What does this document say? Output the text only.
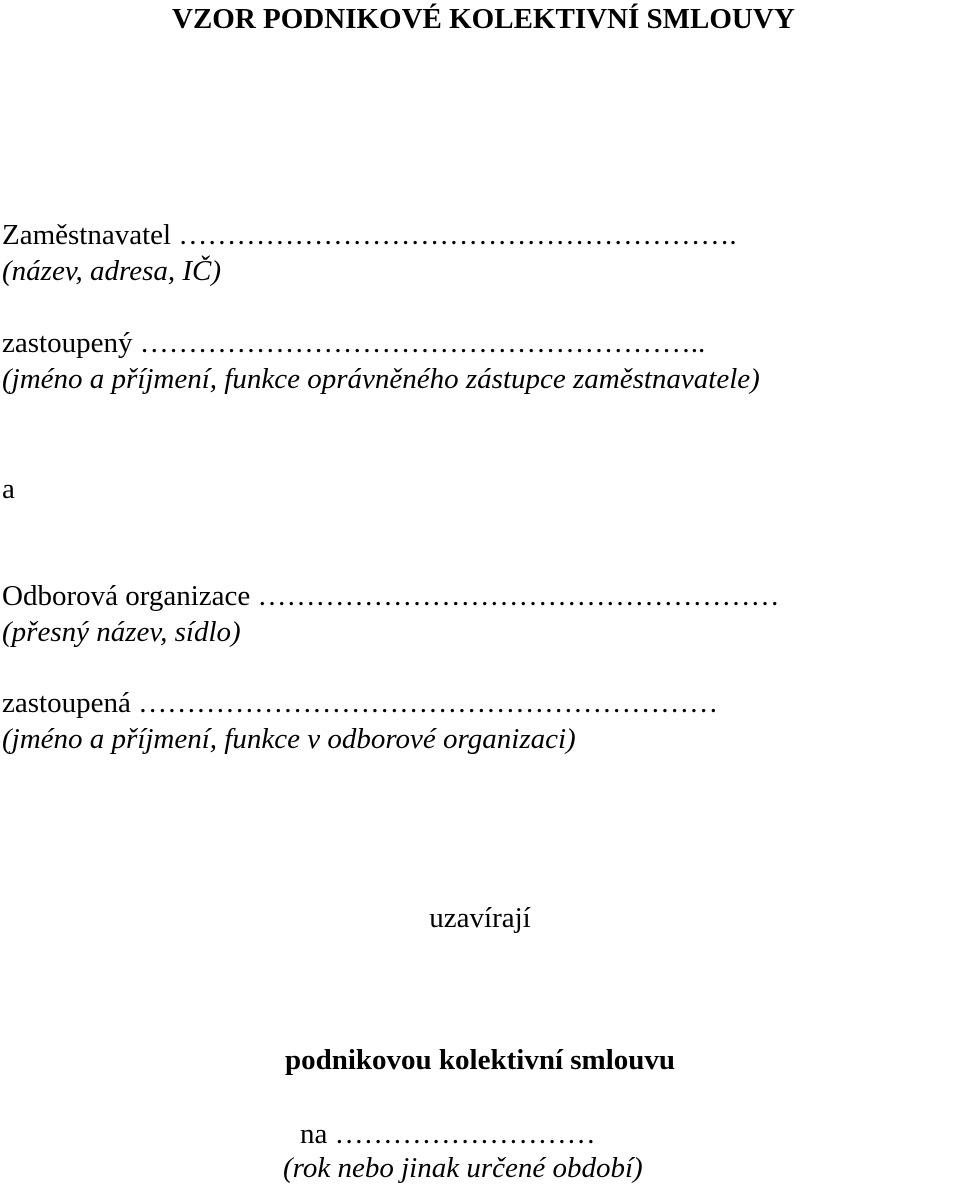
VZOR PODNIKOVÉ KOLEKTIVNÍ SMLOUVY
Zaměstnavatel ………………………………………………….
(název, adresa, IČ)
zastoupený …………………………………………………..
(jméno a příjmení, funkce oprávněného zástupce zaměstnavatele)
a
Odborová organizace ………………………………………………
(přesný název, sídlo)
zastoupená ……………………………………………………
(jméno a příjmení, funkce v odborové organizaci)
uzavírají
podnikovou kolektivní smlouvu
na ………………………
(rok nebo jinak určené období)
